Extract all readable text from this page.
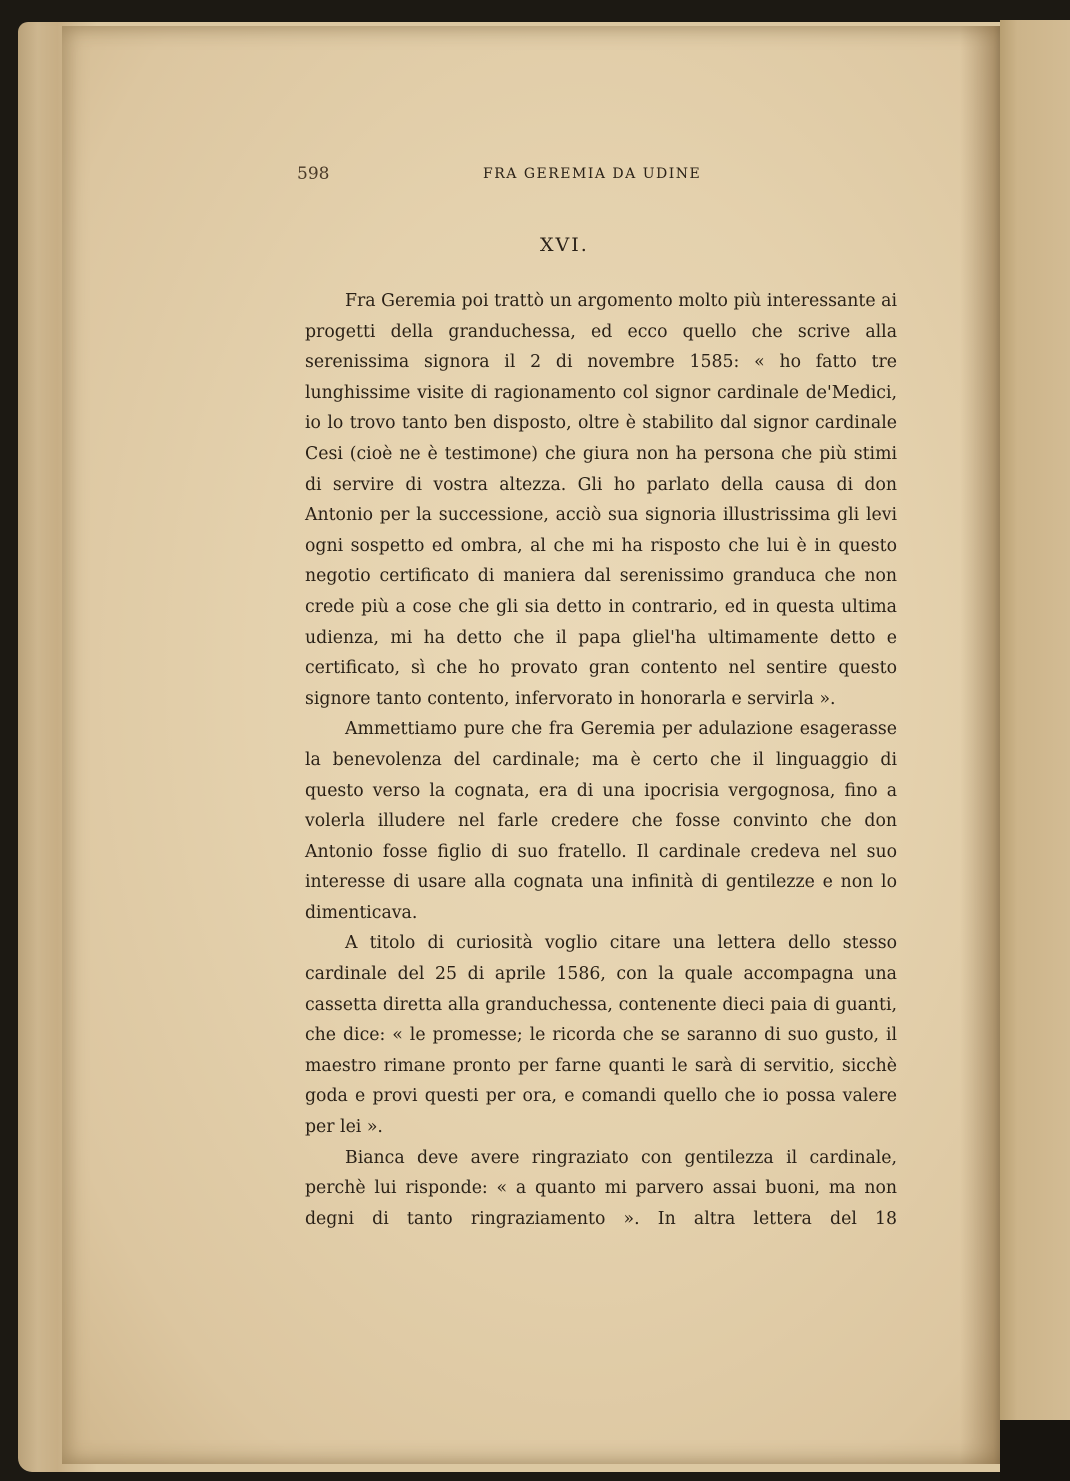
598	FRA GEREMIA DA UDINE
XVI.

Fra Geremia poi trattò un argomento molto più interessante ai progetti della granduchessa, ed ecco quello che scrive alla serenissima signora il 2 di novembre 1585: « ho fatto tre lunghissime visite di ragionamento col signor cardinale de'Medici, io lo trovo tanto ben disposto, oltre è stabilito dal signor cardinale Cesi (cioè ne è testimone) che giura non ha persona che più stimi di servire di vostra altezza. Gli ho parlato della causa di don Antonio per la successione, acciò sua signoria illustrissima gli levi ogni sospetto ed ombra, al che mi ha risposto che lui è in questo negotio certificato di maniera dal serenissimo granduca che non crede più a cose che gli sia detto in contrario, ed in questa ultima udienza, mi ha detto che il papa gliel'ha ultimamente detto e certificato, sì che ho provato gran contento nel sentire questo signore tanto contento, infervorato in honorarla e servirla ».

Ammettiamo pure che fra Geremia per adulazione esagerasse la benevolenza del cardinale; ma è certo che il linguaggio di questo verso la cognata, era di una ipocrisia vergognosa, fino a volerla illudere nel farle credere che fosse convinto che don Antonio fosse figlio di suo fratello. Il cardinale credeva nel suo interesse di usare alla cognata una infinità di gentilezze e non lo dimenticava.

A titolo di curiosità voglio citare una lettera dello stesso cardinale del 25 di aprile 1586, con la quale accompagna una cassetta diretta alla granduchessa, contenente dieci paia di guanti, che dice: « le promesse; le ricorda che se saranno di suo gusto, il maestro rimane pronto per farne quanti le sarà di servitio, sicchè goda e provi questi per ora, e comandi quello che io possa valere per lei ».

Bianca deve avere ringraziato con gentilezza il cardinale, perchè lui risponde: « a quanto mi parvero assai buoni, ma non degni di tanto ringraziamento ». In altra lettera del 18
